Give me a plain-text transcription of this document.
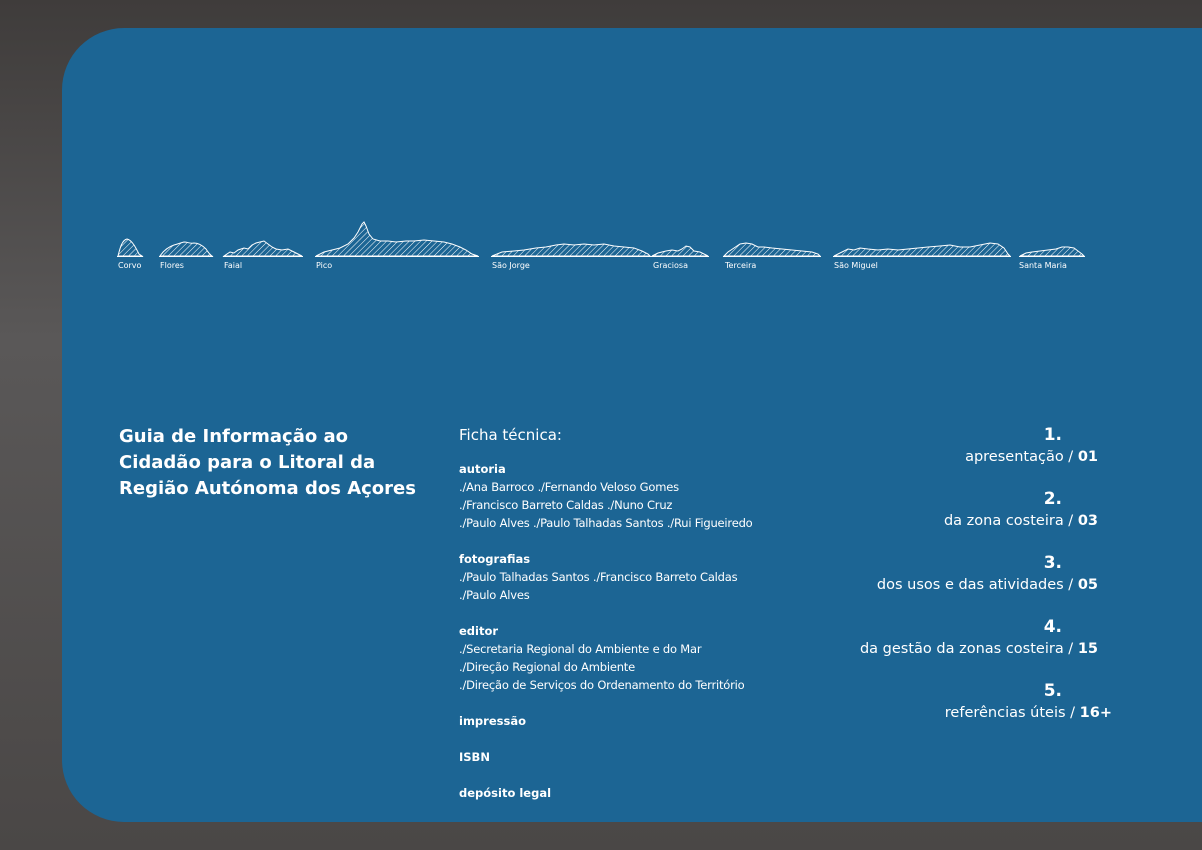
Corvo Flores	Faial	Pico	São Jorge	Graciosa	Terceira	São Miguel	Santa Maria
Guia de Informação ao Cidadão para o Litoral da Região Autónoma dos Açores
Ficha técnica:
autoria
./Ana Barroco ./Fernando Veloso Gomes
./Francisco Barreto Caldas ./Nuno Cruz
./Paulo Alves ./Paulo Talhadas Santos ./Rui Figueiredo
fotografias
./Paulo Talhadas Santos ./Francisco Barreto Caldas
./Paulo Alves
editor
./Secretaria Regional do Ambiente e do Mar
./Direção Regional do Ambiente
./Direção de Serviços do Ordenamento do Território
impressão
ISBN
depósito legal
1.
apresentação / 01
2.
da zona costeira / 03
3.
dos usos e das atividades / 05
4.
da gestão da zonas costeira / 15
5.
referências úteis / 16+
